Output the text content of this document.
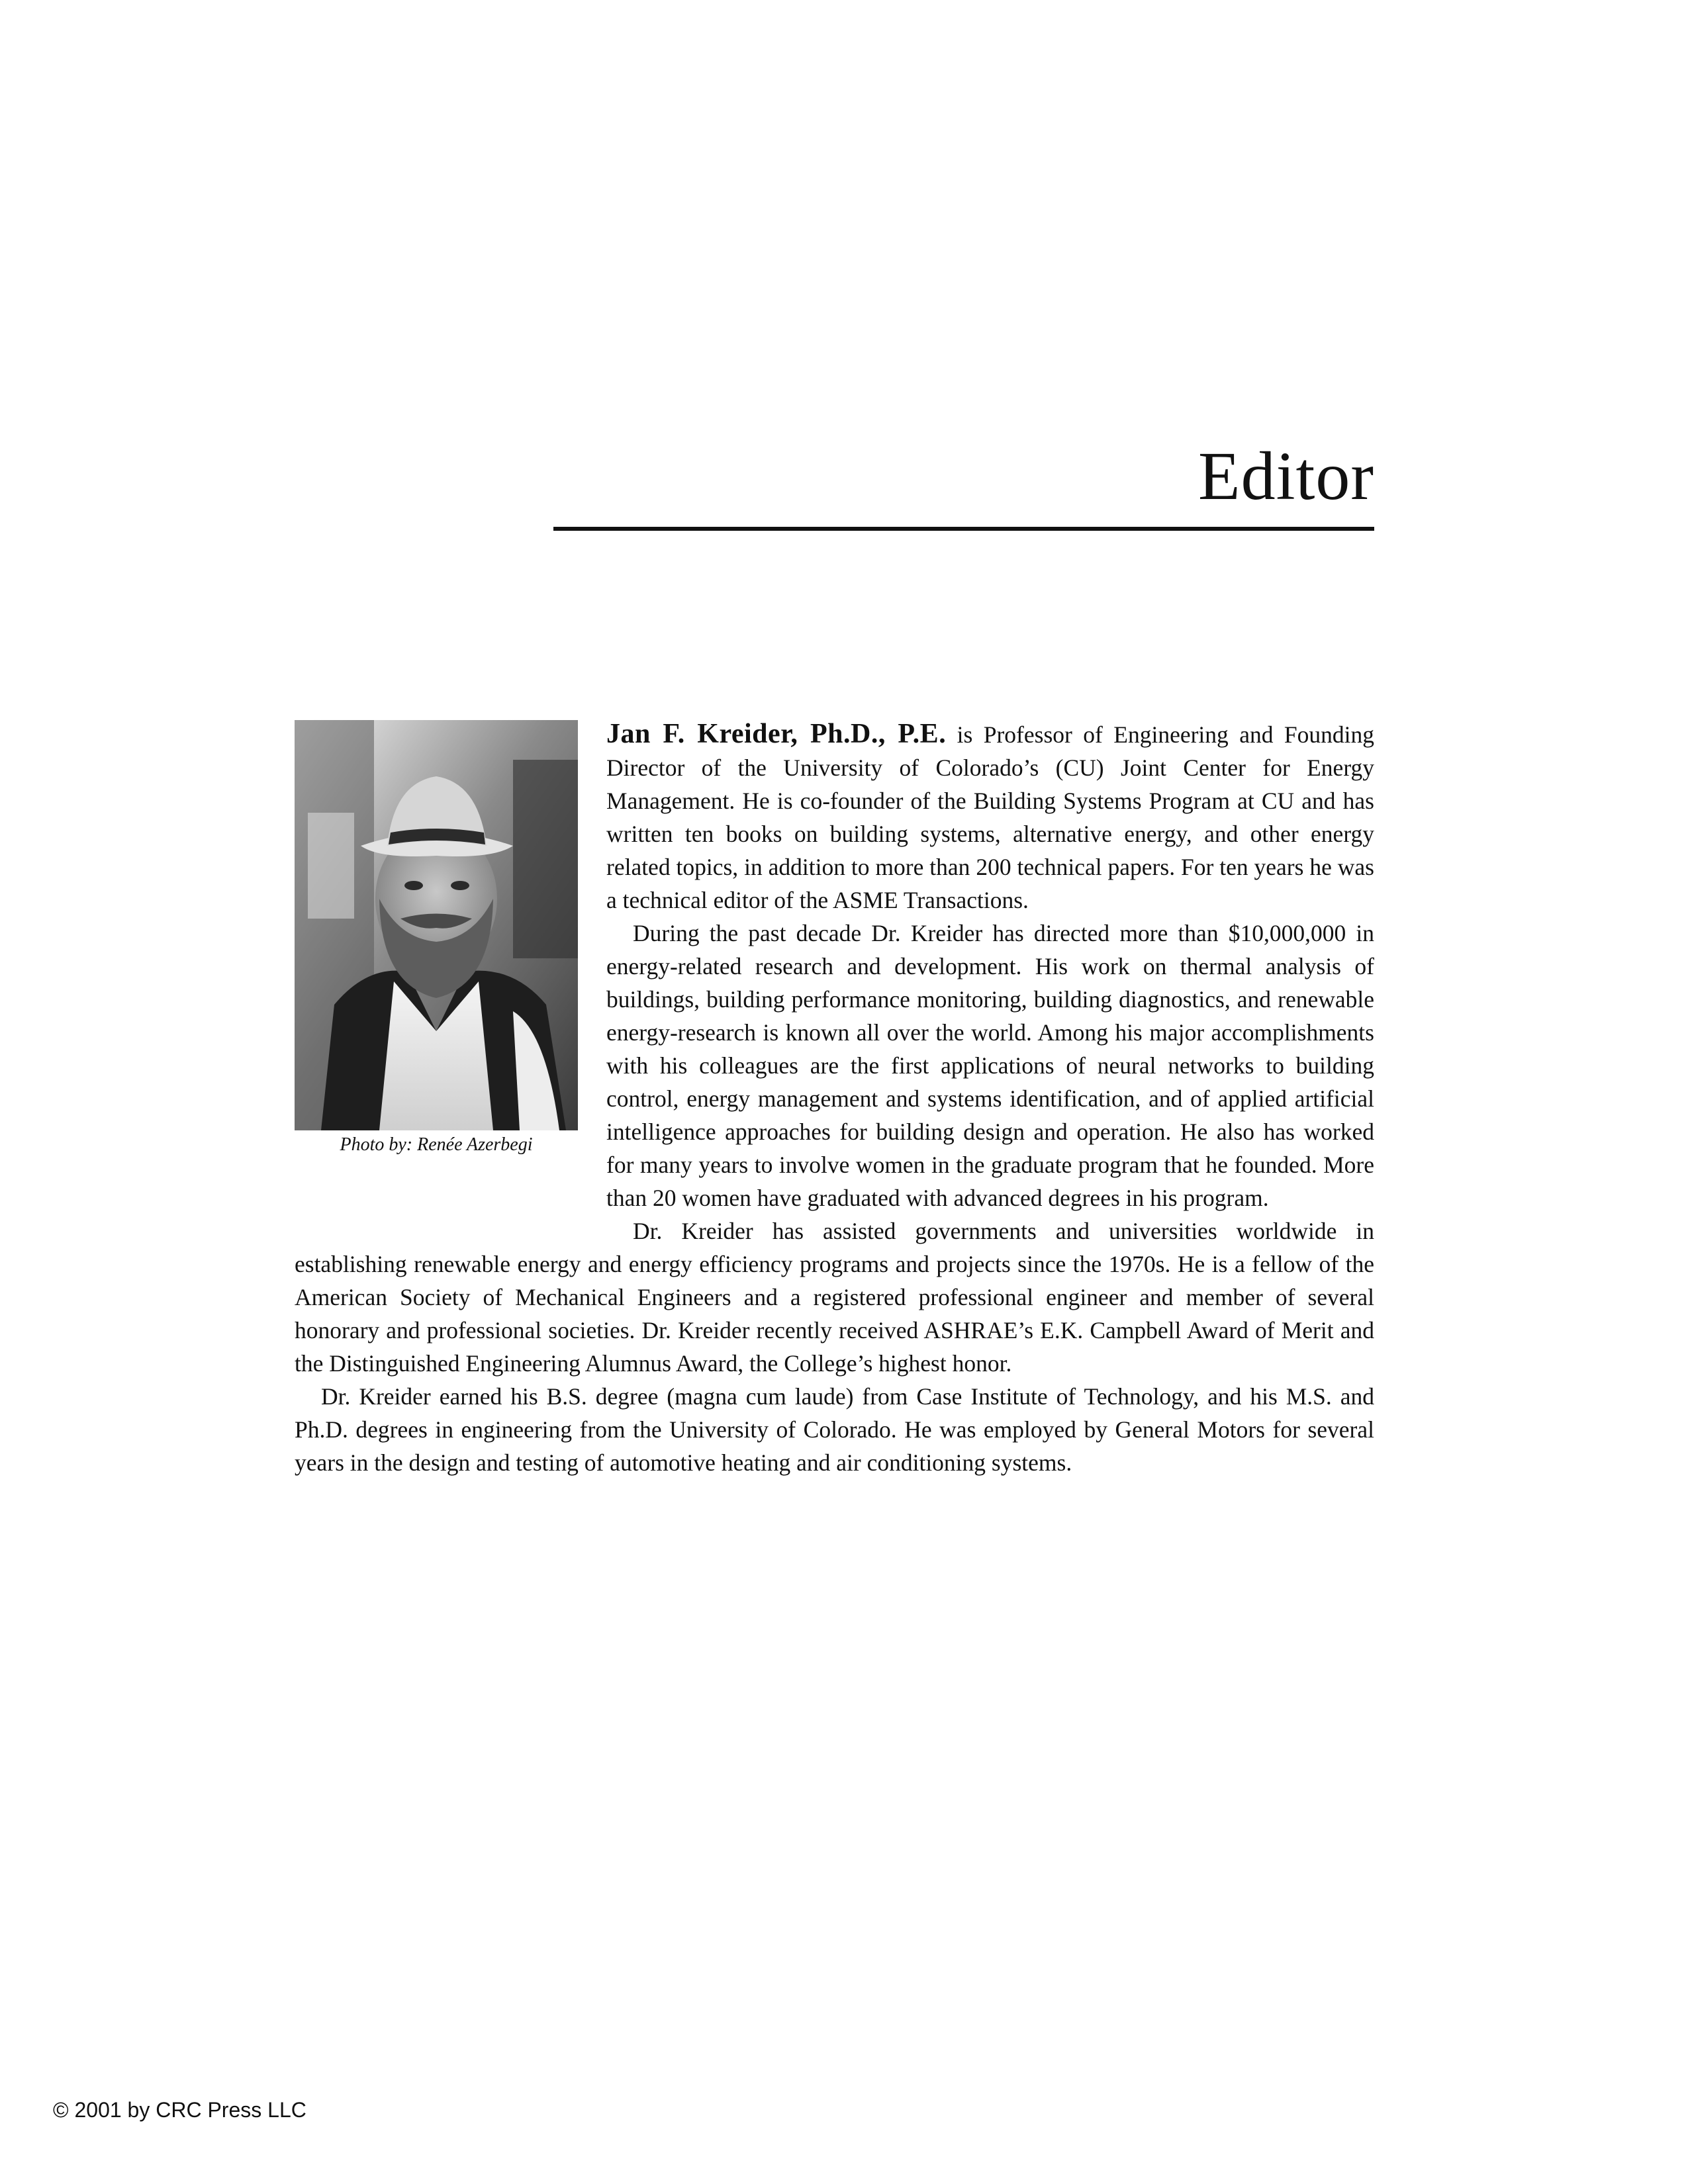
Editor
Photo by: Renée Azerbegi

Jan F. Kreider, Ph.D., P.E. is Professor of Engineering and Founding Director of the University of Colorado’s (CU) Joint Center for Energy Management. He is co-founder of the Building Systems Program at CU and has written ten books on building systems, alternative energy, and other energy related topics, in addition to more than 200 technical papers. For ten years he was a technical editor of the ASME Transactions.

During the past decade Dr. Kreider has directed more than $10,000,000 in energy-related research and development. His work on thermal analysis of buildings, building performance monitoring, building diagnostics, and renewable energy-research is known all over the world. Among his major accomplishments with his colleagues are the first applications of neural networks to building control, energy management and systems identification, and of applied artificial intelligence approaches for building design and operation. He also has worked for many years to involve women in the graduate program that he founded. More than 20 women have graduated with advanced degrees in his program.

Dr. Kreider has assisted governments and universities worldwide in establishing renewable energy and energy efficiency programs and projects since the 1970s. He is a fellow of the American Society of Mechanical Engineers and a registered professional engineer and member of several honorary and professional societies. Dr. Kreider recently received ASHRAE’s E.K. Campbell Award of Merit and the Distinguished Engineering Alumnus Award, the College’s highest honor.

Dr. Kreider earned his B.S. degree (magna cum laude) from Case Institute of Technology, and his M.S. and Ph.D. degrees in engineering from the University of Colorado. He was employed by General Motors for several years in the design and testing of automotive heating and air conditioning systems.

© 2001 by CRC Press LLC
